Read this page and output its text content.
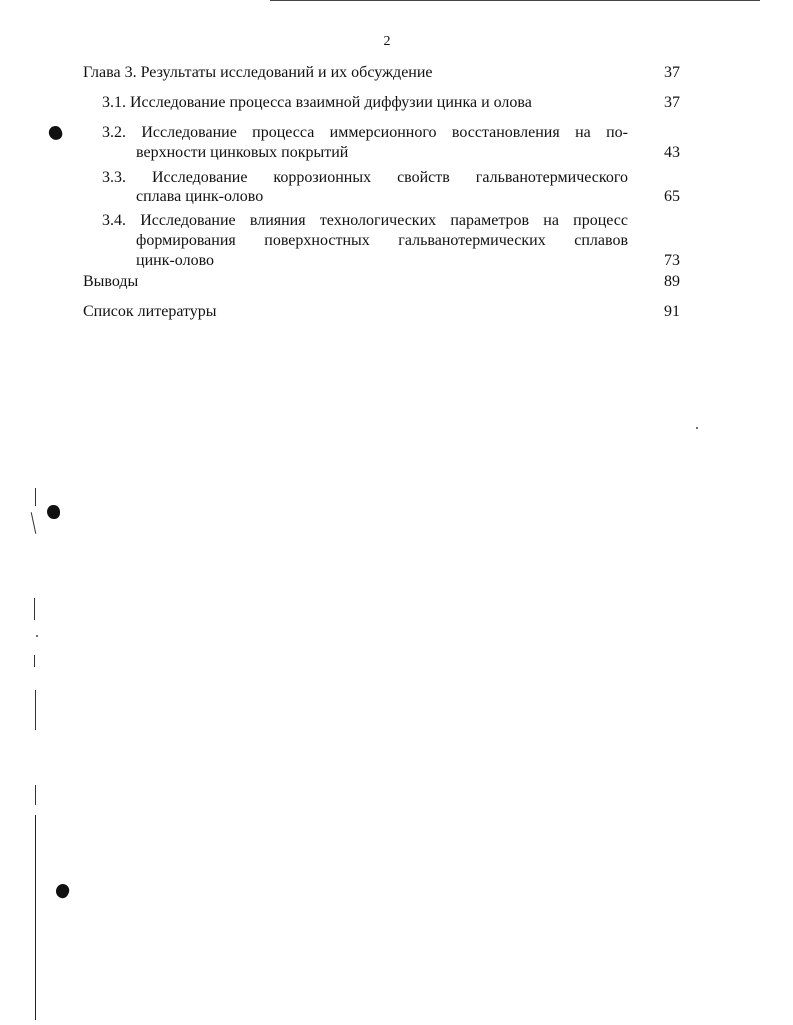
2
Глава 3. Результаты исследований и их обсуждение	37
3.1. Исследование процесса взаимной диффузии цинка и олова	37
3.2. Исследование процесса иммерсионного восстановления на по-
верхности цинковых покрытий	43
3.3. Исследование коррозионных свойств гальванотермического
сплава цинк-олово	65
3.4. Исследование влияния технологических параметров на процесс
формирования поверхностных гальванотермических сплавов
цинк-олово	73
Выводы	89
Список литературы	91
